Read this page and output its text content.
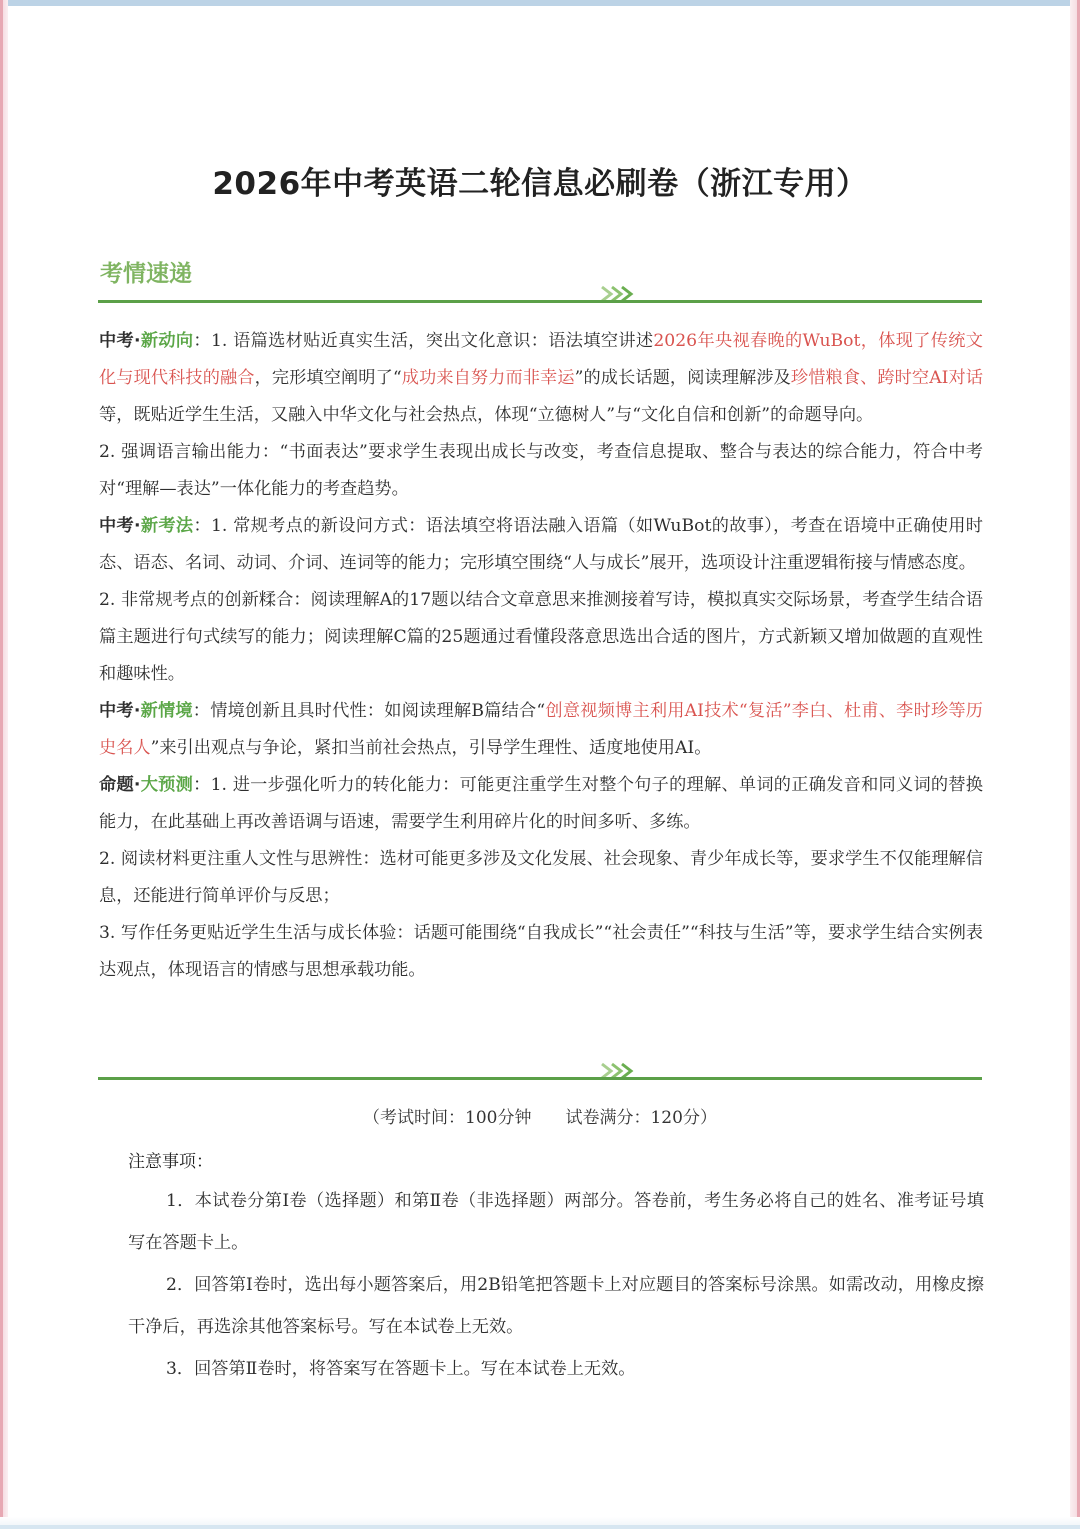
2026年中考英语二轮信息必刷卷（浙江专用）
考情速递

中考·新动向：1. 语篇选材贴近真实生活，突出文化意识：语法填空讲述2026年央视春晚的WuBot，体现了传统文化与现代科技的融合，完形填空阐明了“成功来自努力而非幸运”的成长话题，阅读理解涉及珍惜粮食、跨时空AI对话等，既贴近学生生活，又融入中华文化与社会热点，体现“立德树人”与“文化自信和创新”的命题导向。

2. 强调语言输出能力：“书面表达”要求学生表现出成长与改变，考查信息提取、整合与表达的综合能力，符合中考对“理解—表达”一体化能力的考查趋势。

中考·新考法：1. 常规考点的新设问方式：语法填空将语法融入语篇（如WuBot的故事），考查在语境中正确使用时态、语态、名词、动词、介词、连词等的能力；完形填空围绕“人与成长”展开，选项设计注重逻辑衔接与情感态度。

2. 非常规考点的创新糅合：阅读理解A的17题以结合文章意思来推测接着写诗，模拟真实交际场景，考查学生结合语篇主题进行句式续写的能力；阅读理解C篇的25题通过看懂段落意思选出合适的图片，方式新颖又增加做题的直观性和趣味性。

中考·新情境：情境创新且具时代性：如阅读理解B篇结合“创意视频博主利用AI技术“复活”李白、杜甫、李时珍等历史名人”来引出观点与争论，紧扣当前社会热点，引导学生理性、适度地使用AI。

命题·大预测：1. 进一步强化听力的转化能力：可能更注重学生对整个句子的理解、单词的正确发音和同义词的替换能力，在此基础上再改善语调与语速，需要学生利用碎片化的时间多听、多练。

2. 阅读材料更注重人文性与思辨性：选材可能更多涉及文化发展、社会现象、青少年成长等，要求学生不仅能理解信息，还能进行简单评价与反思；

3. 写作任务更贴近学生生活与成长体验：话题可能围绕“自我成长”“社会责任”“科技与生活”等，要求学生结合实例表达观点，体现语言的情感与思想承载功能。

（考试时间：100分钟　　试卷满分：120分）
注意事项：

1．本试卷分第Ⅰ卷（选择题）和第Ⅱ卷（非选择题）两部分。答卷前，考生务必将自己的姓名、准考证号填写在答题卡上。

2．回答第Ⅰ卷时，选出每小题答案后，用2B铅笔把答题卡上对应题目的答案标号涂黑。如需改动，用橡皮擦干净后，再选涂其他答案标号。写在本试卷上无效。

3．回答第Ⅱ卷时，将答案写在答题卡上。写在本试卷上无效。
